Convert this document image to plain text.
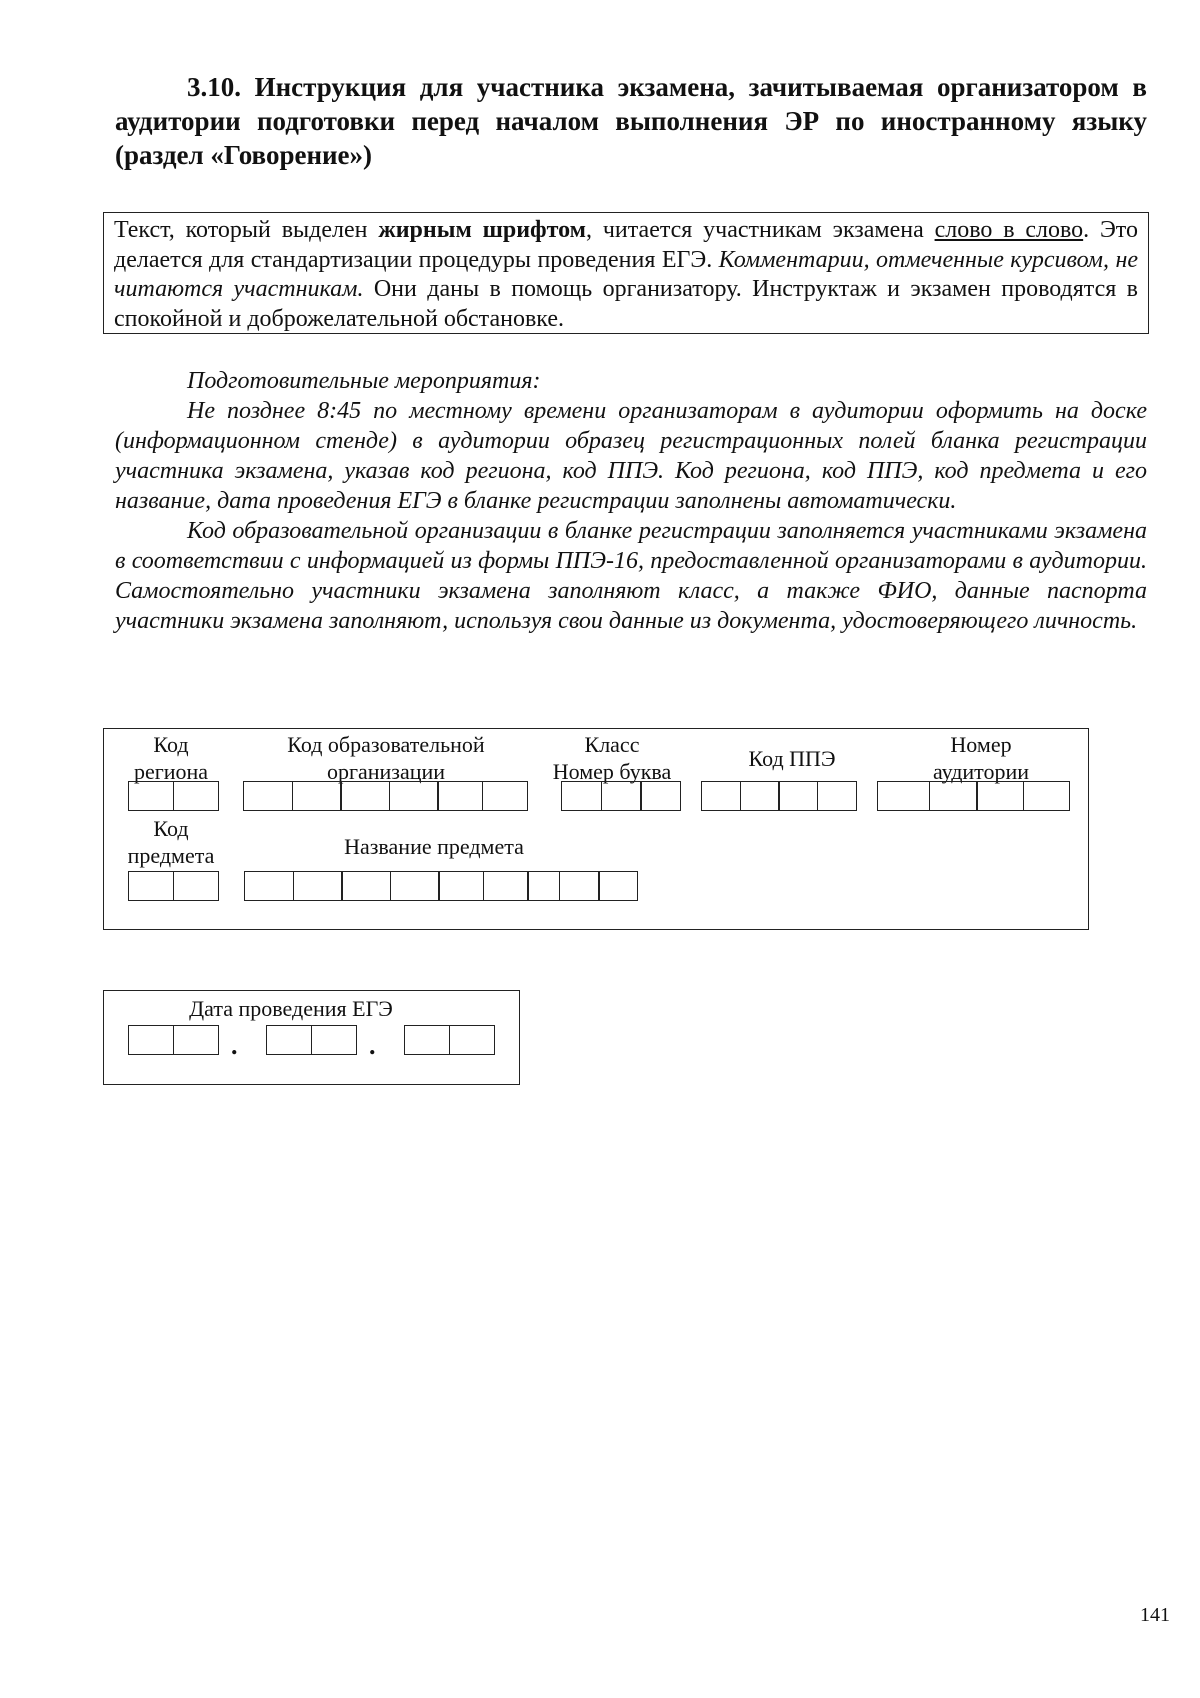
3.10. Инструкция для участника экзамена, зачитываемая организатором в аудитории подготовки перед началом выполнения ЭР по иностранному языку (раздел «Говорение»)
Текст, который выделен жирным шрифтом, читается участникам экзамена слово в слово. Это делается для стандартизации процедуры проведения ЕГЭ. Комментарии, отмеченные курсивом, не читаются участникам. Они даны в помощь организатору. Инструктаж и экзамен проводятся в спокойной и доброжелательной обстановке.

Подготовительные мероприятия:

Не позднее 8:45 по местному времени организаторам в аудитории оформить на доске (информационном стенде) в аудитории образец регистрационных полей бланка регистрации участника экзамена, указав код региона, код ППЭ. Код региона, код ППЭ, код предмета и его название, дата проведения ЕГЭ в бланке регистрации заполнены автоматически.

Код образовательной организации в бланке регистрации заполняется участниками экзамена в соответствии с информацией из формы ППЭ-16, предоставленной организаторами в аудитории. Самостоятельно участники экзамена заполняют класс, а также ФИО, данные паспорта участники экзамена заполняют, используя свои данные из документа, удостоверяющего личность.

Код
региона
Код образовательной
организации
Класс
Номер буква
Код ППЭ
Номер
аудитории
Код
предмета	Название предмета
Дата проведения ЕГЭ
.	.
141
